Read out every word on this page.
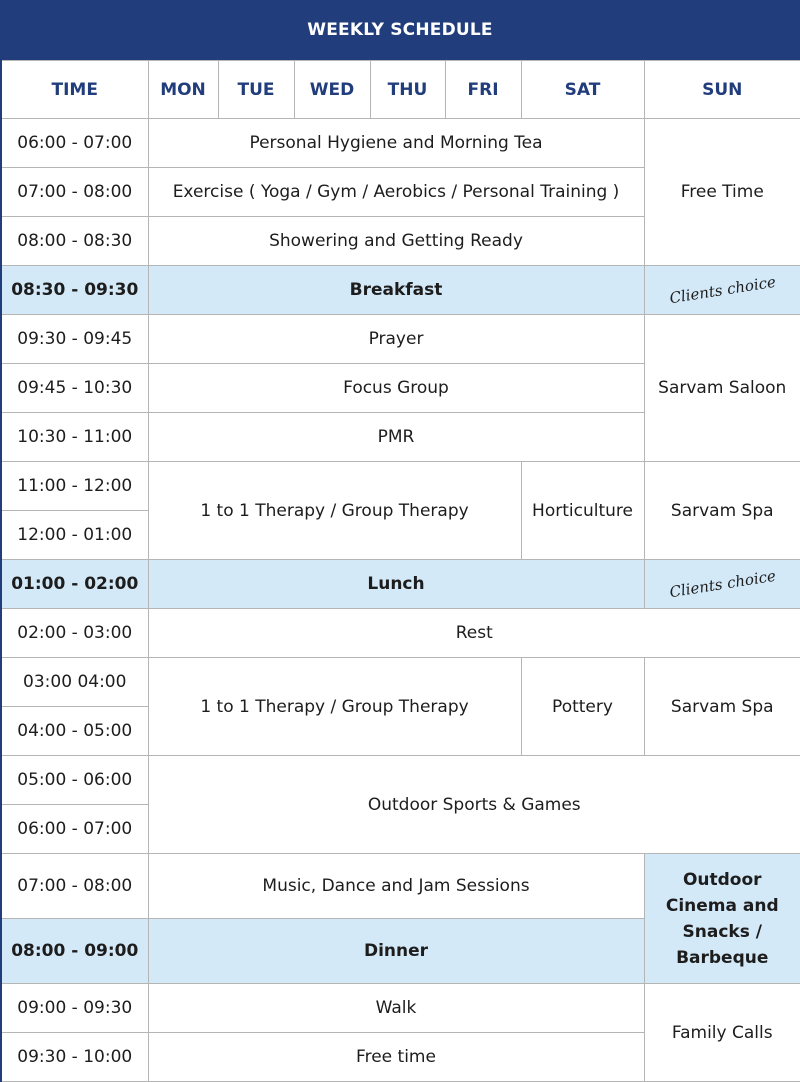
WEEKLY SCHEDULE
TIME	MON	TUE	WED	THU	FRI	SAT	SUN
06:00 - 07:00	Personal Hygiene and Morning Tea						Free Time
07:00 - 08:00	Exercise ( Yoga / Gym / Aerobics / Personal Training )						
08:00 - 08:30	Showering and Getting Ready						
08:30 - 09:30	Breakfast						Clients choice
09:30 - 09:45	Prayer						Sarvam Saloon
09:45 - 10:30	Focus Group						
10:30 - 11:00	PMR						
11:00 - 12:00	1 to 1 Therapy / Group Therapy					Horticulture	Sarvam Spa
12:00 - 01:00							
01:00 - 02:00	Lunch						Clients choice
02:00 - 03:00	Rest						
03:00 04:00	1 to 1 Therapy / Group Therapy					Pottery	Sarvam Spa
04:00 - 05:00							
05:00 - 06:00	Outdoor Sports & Games						
06:00 - 07:00							
07:00 - 08:00	Music, Dance and Jam Sessions						Outdoor Cinema and Snacks / Barbeque
08:00 - 09:00	Dinner						
09:00 - 09:30	Walk						Family Calls
09:30 - 10:00	Free time						
